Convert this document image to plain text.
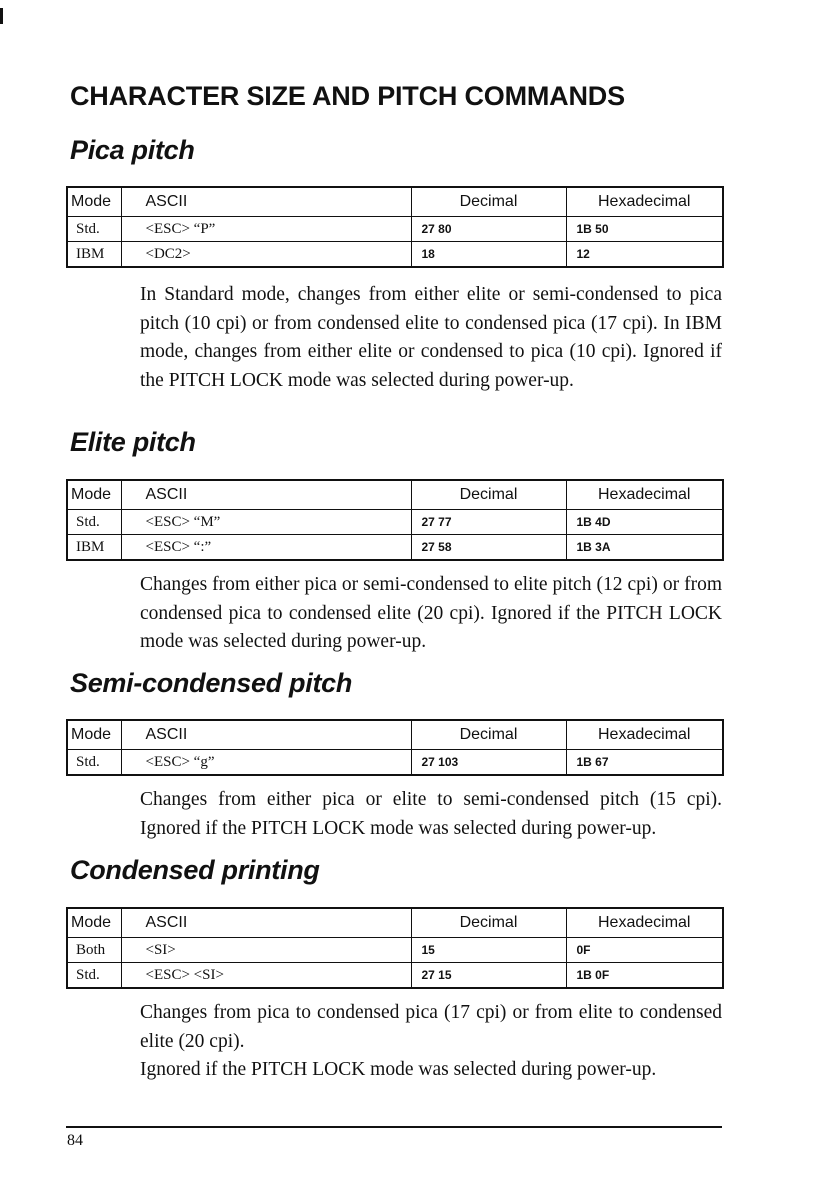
CHARACTER SIZE AND PITCH COMMANDS
Pica pitch
Mode	ASCII	Decimal	Hexadecimal
Std.	<ESC> “P”	27 80	1B 50
IBM	<DC2>	18	12

In Standard mode, changes from either elite or semi-condensed to pica pitch (10 cpi) or from condensed elite to condensed pica (17 cpi). In IBM mode, changes from either elite or condensed to pica (10 cpi). Ignored if the PITCH LOCK mode was selected during power-up.

Elite pitch
Mode	ASCII	Decimal	Hexadecimal
Std.	<ESC> “M”	27 77	1B 4D
IBM	<ESC> “:”	27 58	1B 3A

Changes from either pica or semi-condensed to elite pitch (12 cpi) or from condensed pica to condensed elite (20 cpi). Ignored if the PITCH LOCK mode was selected during power-up.

Semi-condensed pitch
Mode	ASCII	Decimal	Hexadecimal
Std.	<ESC> “g”	27 103	1B 67

Changes from either pica or elite to semi-condensed pitch (15 cpi). Ignored if the PITCH LOCK mode was selected during power-up.

Condensed printing
Mode	ASCII	Decimal	Hexadecimal
Both	<SI>	15	0F
Std.	<ESC> <SI>	27 15	1B 0F

Changes from pica to condensed pica (17 cpi) or from elite to condensed elite (20 cpi).

Ignored if the PITCH LOCK mode was selected during power-up.

84
